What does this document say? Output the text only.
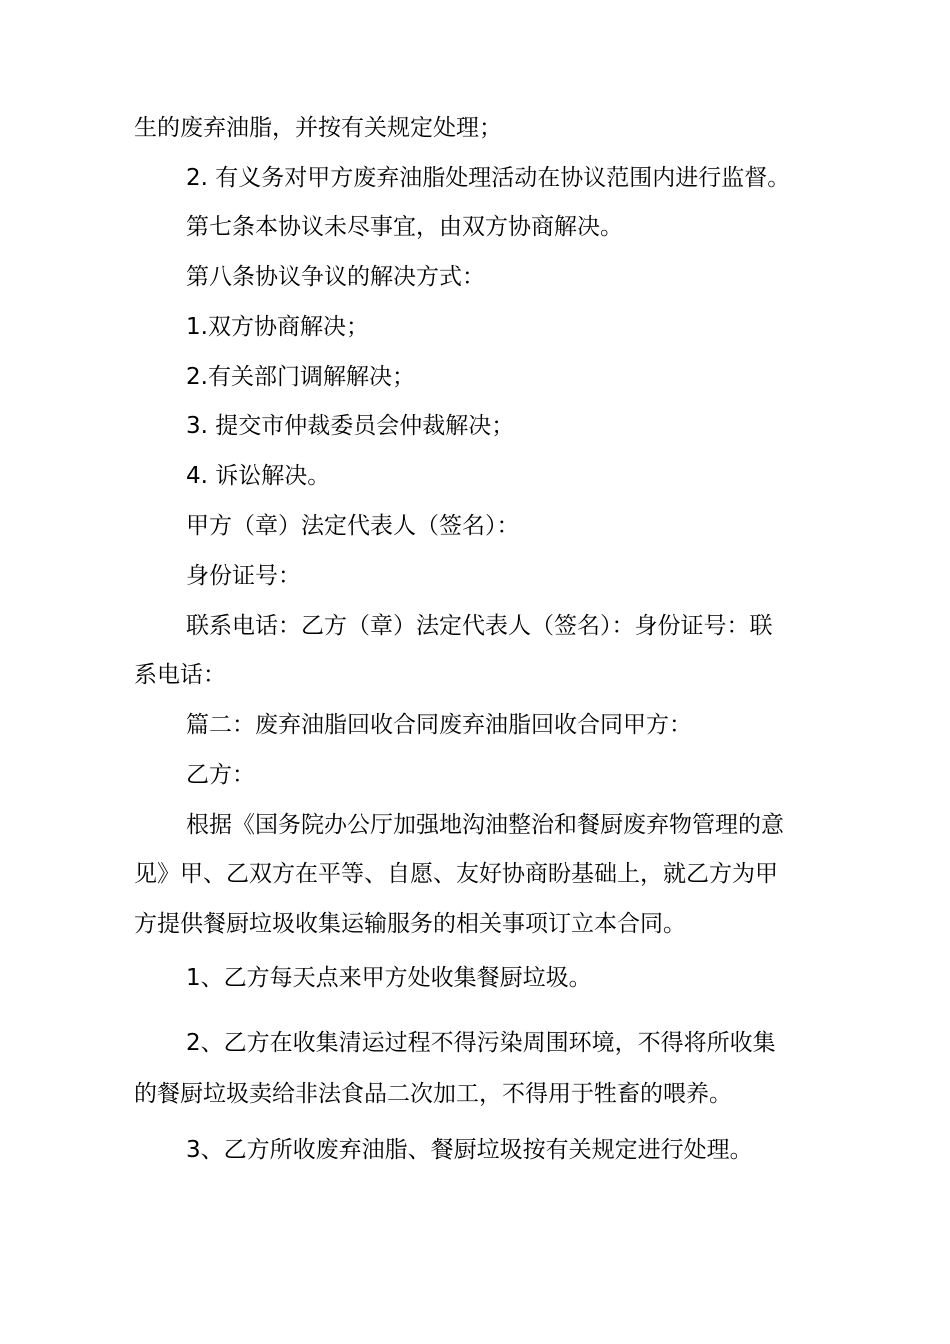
生的废弃油脂，并按有关规定处理；
2. 有义务对甲方废弃油脂处理活动在协议范围内进行监督。
第七条本协议未尽事宜，由双方协商解决。
第八条协议争议的解决方式：
1.双方协商解决；
2.有关部门调解解决；
3. 提交市仲裁委员会仲裁解决；
4. 诉讼解决。
甲方（章）法定代表人（签名）：
身份证号：
联系电话：乙方（章）法定代表人（签名）：身份证号：联
系电话：
篇二：废弃油脂回收合同废弃油脂回收合同甲方：
乙方：
根据《国务院办公厅加强地沟油整治和餐厨废弃物管理的意
见》甲、乙双方在平等、自愿、友好协商盼基础上，就乙方为甲
方提供餐厨垃圾收集运输服务的相关事项订立本合同。
1、乙方每天点来甲方处收集餐厨垃圾。
2、乙方在收集清运过程不得污染周围环境，不得将所收集
的餐厨垃圾卖给非法食品二次加工，不得用于牲畜的喂养。
3、乙方所收废弃油脂、餐厨垃圾按有关规定进行处理。
